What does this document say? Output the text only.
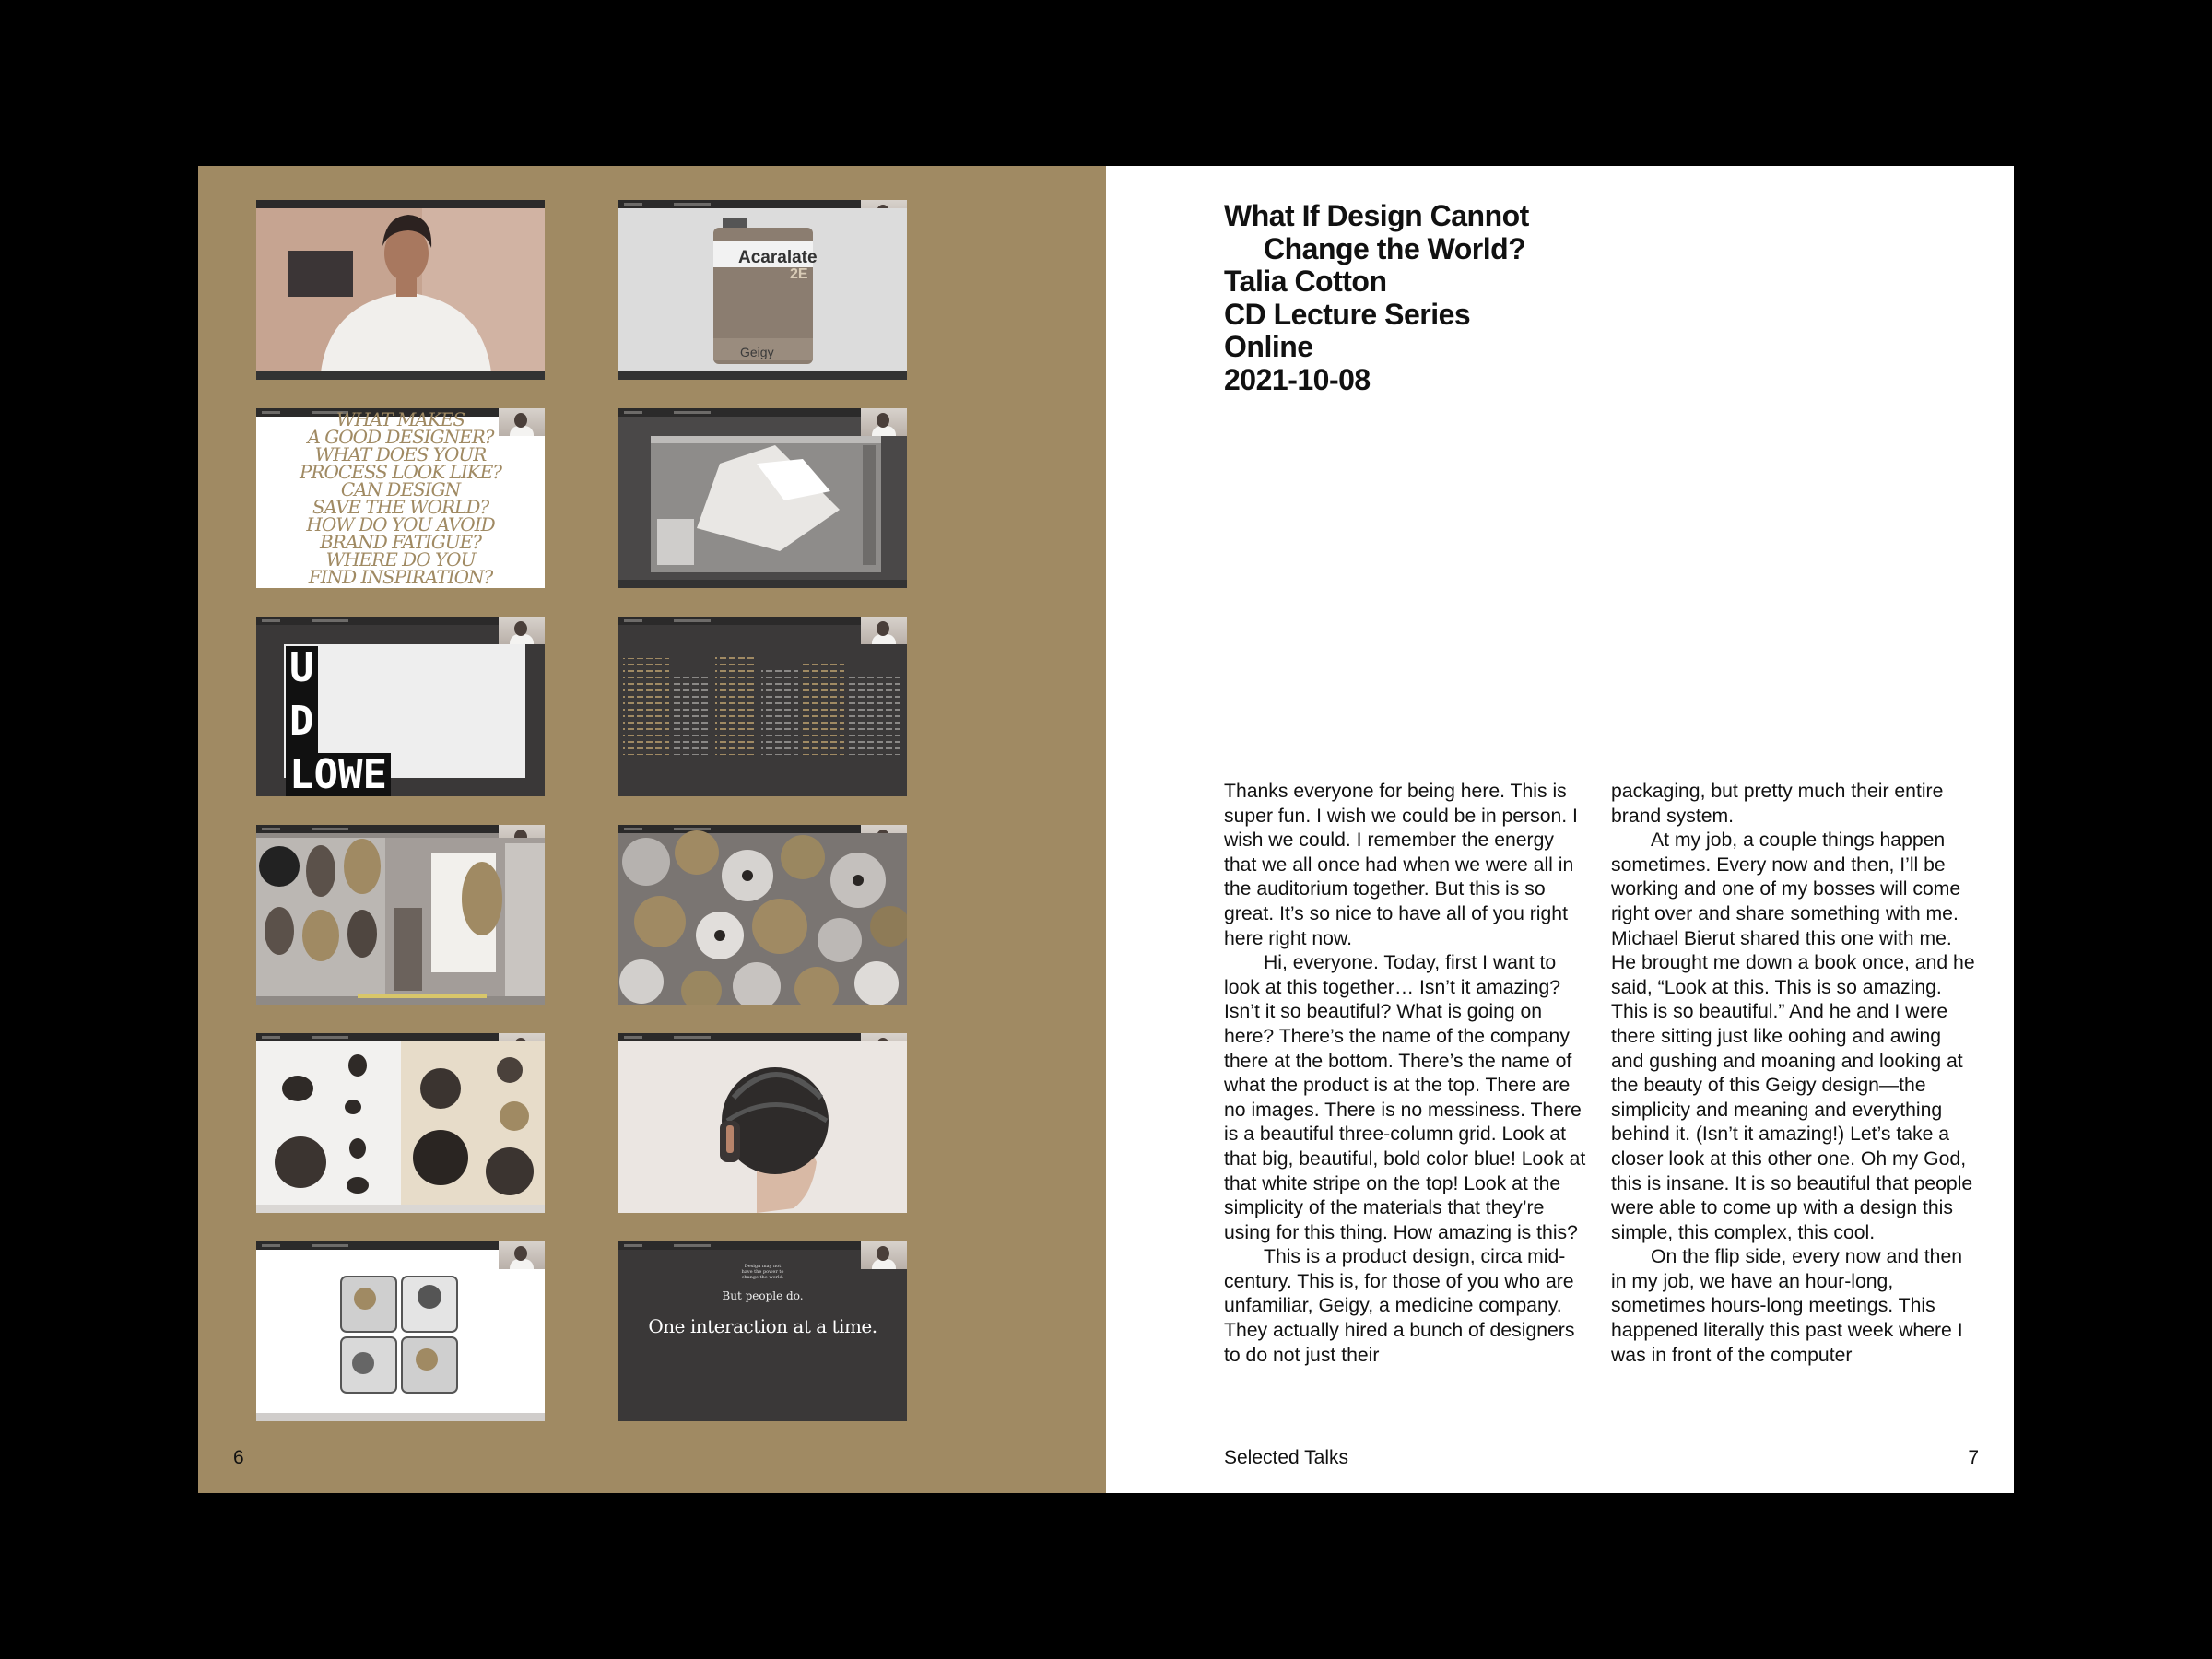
Acaralate
2E
Geigy
WHAT MAKES
A GOOD DESIGNER?
WHAT DOES YOUR
PROCESS LOOK LIKE?
CAN DESIGN
SAVE THE WORLD?
HOW DO YOU AVOID
BRAND FATIGUE?
WHERE DO YOU
FIND INSPIRATION?
U
D
LOWE
Design may not
have the power to
change the world.
But people do.
One interaction at a time.
6
What If Design Cannot
Change the World?
Talia Cotton
CD Lecture Series
Online
2021-10-08

Thanks everyone for being here. This is super fun. I wish we could be in person. I wish we could. I remember the energy that we all once had when we were all in the auditorium together. But this is so great. It’s so nice to have all of you right here right now.

Hi, everyone. Today, first I want to look at this together… Isn’t it amazing? Isn’t it so beautiful? What is going on here? There’s the name of the company there at the bottom. There’s the name of what the product is at the top. There are no images. There is no messiness. There is a beautiful three-column grid. Look at that big, beautiful, bold color blue! Look at that white stripe on the top! Look at the simplicity of the materials that they’re using for this thing. How amazing is this?

This is a product design, circa mid-century. This is, for those of you who are unfamiliar, Geigy, a medicine company. They actually hired a bunch of designers to do not just their

packaging, but pretty much their entire brand system.

At my job, a couple things happen sometimes. Every now and then, I’ll be working and one of my bosses will come right over and share something with me. Michael Bierut shared this one with me. He brought me down a book once, and he said, “Look at this. This is so amazing. This is so beautiful.” And he and I were there sitting just like oohing and awing and gushing and moaning and looking at the beauty of this Geigy design—the simplicity and meaning and everything behind it. (Isn’t it amazing!) Let’s take a closer look at this other one. Oh my God, this is insane. It is so beautiful that people were able to come up with a design this simple, this complex, this cool.

On the flip side, every now and then in my job, we have an hour-long, sometimes hours-long meetings. This happened literally this past week where I was in front of the computer

Selected Talks	7
